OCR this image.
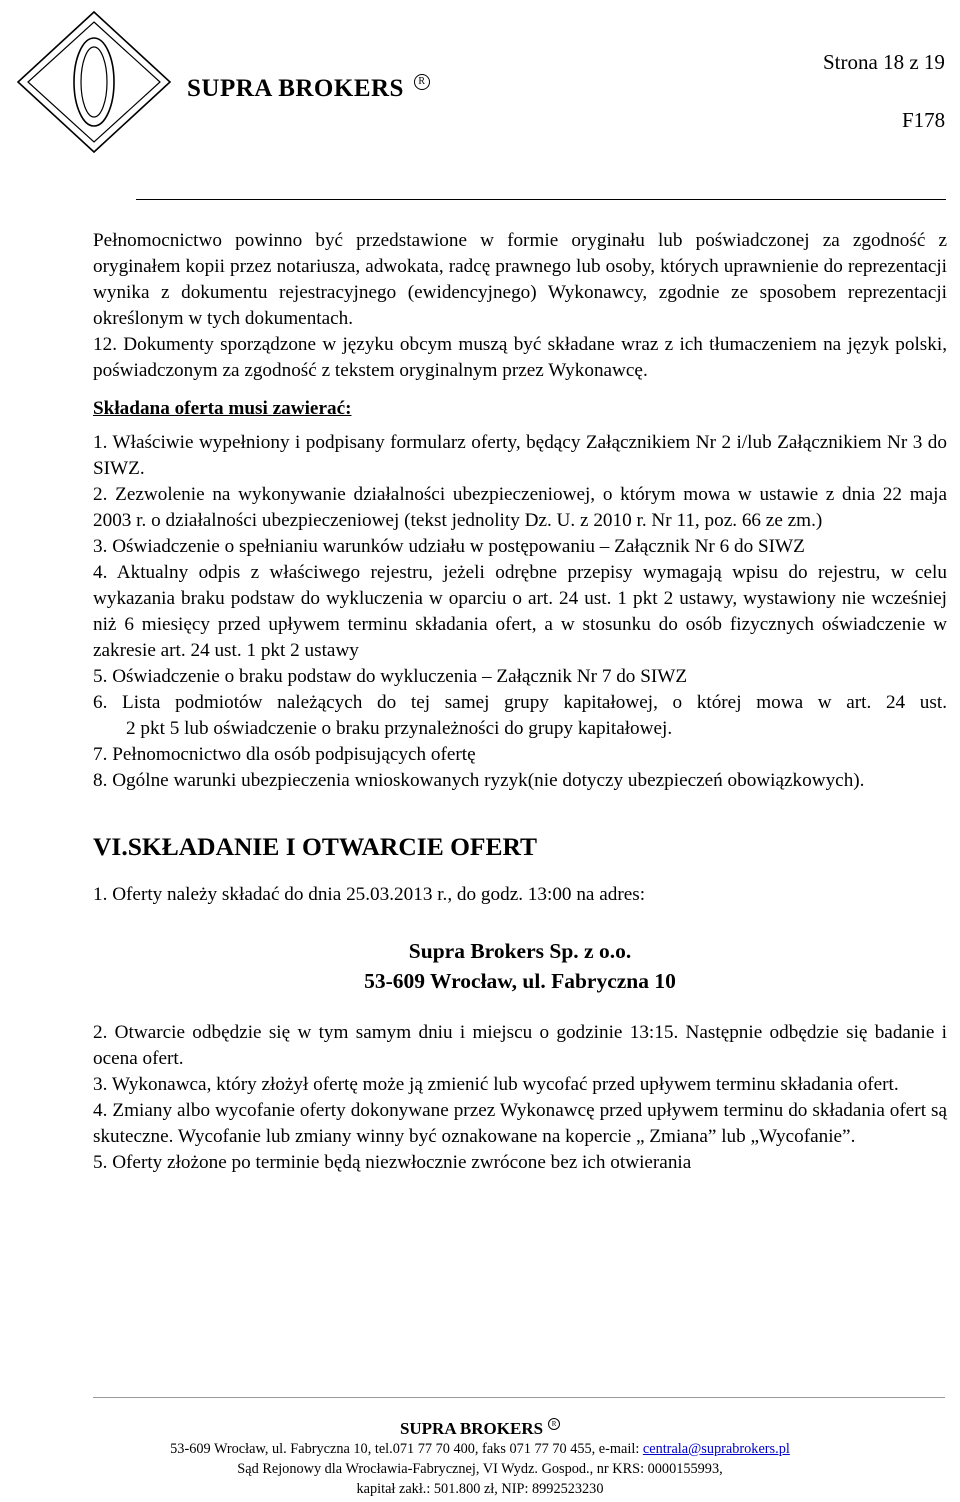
SUPRA BROKERS R
Strona 18 z 19
F178

Pełnomocnictwo powinno być przedstawione w formie oryginału lub poświadczonej za zgodność z oryginałem kopii przez notariusza, adwokata, radcę prawnego lub osoby, których uprawnienie do reprezentacji wynika z dokumentu rejestracyjnego (ewidencyjnego) Wykonawcy, zgodnie ze sposobem reprezentacji określonym w tych dokumentach.

12. Dokumenty sporządzone w języku obcym muszą być składane wraz z ich tłumaczeniem na język polski, poświadczonym za zgodność z tekstem oryginalnym przez Wykonawcę.

Składana oferta musi zawierać:

1. Właściwie wypełniony i podpisany formularz oferty, będący Załącznikiem Nr 2 i/lub Załącznikiem Nr 3 do SIWZ.

2. Zezwolenie na wykonywanie działalności ubezpieczeniowej, o którym mowa w ustawie z dnia 22 maja 2003 r. o działalności ubezpieczeniowej (tekst jednolity Dz. U. z 2010 r. Nr 11, poz. 66 ze zm.)

3. Oświadczenie o spełnianiu warunków udziału w postępowaniu – Załącznik Nr 6 do SIWZ

4. Aktualny odpis z właściwego rejestru, jeżeli odrębne przepisy wymagają wpisu do rejestru, w celu wykazania braku podstaw do wykluczenia w oparciu o art. 24 ust. 1 pkt 2 ustawy, wystawiony nie wcześniej niż 6 miesięcy przed upływem terminu składania ofert, a w stosunku do osób fizycznych oświadczenie w zakresie art. 24 ust. 1 pkt 2 ustawy

5. Oświadczenie o braku podstaw do wykluczenia – Załącznik Nr 7 do SIWZ

6. Lista podmiotów należących do tej samej grupy kapitałowej, o której mowa w art. 24 ust.

2 pkt 5 lub oświadczenie o braku przynależności do grupy kapitałowej.

7. Pełnomocnictwo dla osób podpisujących ofertę

8. Ogólne warunki ubezpieczenia wnioskowanych ryzyk(nie dotyczy ubezpieczeń obowiązkowych).

VI.SKŁADANIE I OTWARCIE OFERT

1. Oferty należy składać do dnia 25.03.2013 r., do godz. 13:00 na adres:

Supra Brokers Sp. z o.o.
53-609 Wrocław, ul. Fabryczna 10

2. Otwarcie odbędzie się w tym samym dniu i miejscu o godzinie 13:15. Następnie odbędzie się badanie i ocena ofert.

3. Wykonawca, który złożył ofertę może ją zmienić lub wycofać przed upływem terminu składania ofert.

4. Zmiany albo wycofanie oferty dokonywane przez Wykonawcę przed upływem terminu do składania ofert są skuteczne. Wycofanie lub zmiany winny być oznakowane na kopercie „ Zmiana” lub „Wycofanie”.

5. Oferty złożone po terminie będą niezwłocznie zwrócone bez ich otwierania

SUPRA BROKERS R
53-609 Wrocław, ul. Fabryczna 10, tel.071 77 70 400, faks 071 77 70 455, e-mail: centrala@suprabrokers.pl
Sąd Rejonowy dla Wrocławia-Fabrycznej, VI Wydz. Gospod., nr KRS: 0000155993,
kapitał zakł.: 501.800 zł, NIP: 8992523230
